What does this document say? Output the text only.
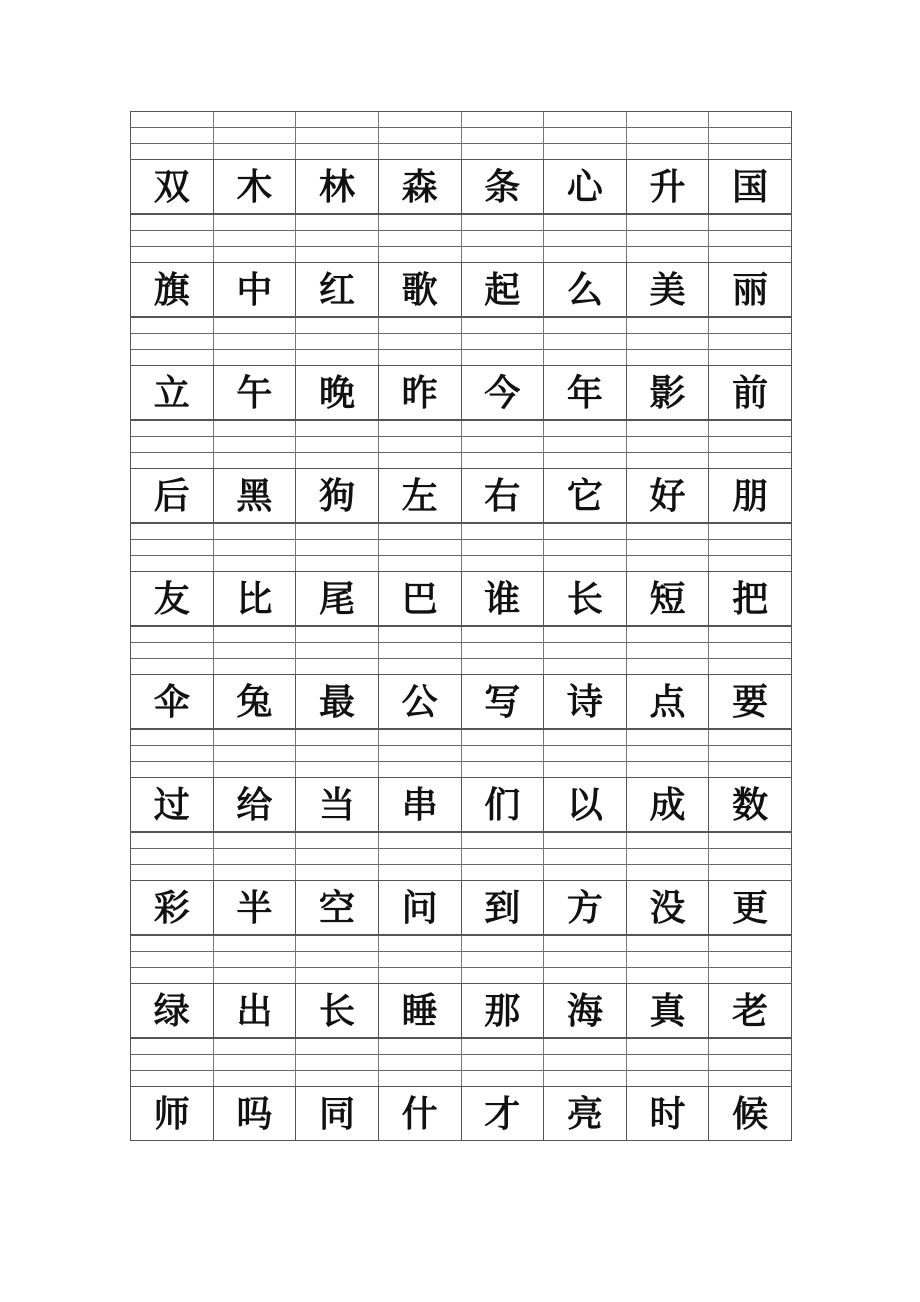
双	木	林	森	条	心	升	国
旗	中	红	歌	起	么	美	丽
立	午	晚	昨	今	年	影	前
后	黑	狗	左	右	它	好	朋
友	比	尾	巴	谁	长	短	把
伞	兔	最	公	写	诗	点	要
过	给	当	串	们	以	成	数
彩	半	空	问	到	方	没	更
绿	出	长	睡	那	海	真	老
师	吗	同	什	才	亮	时	候
